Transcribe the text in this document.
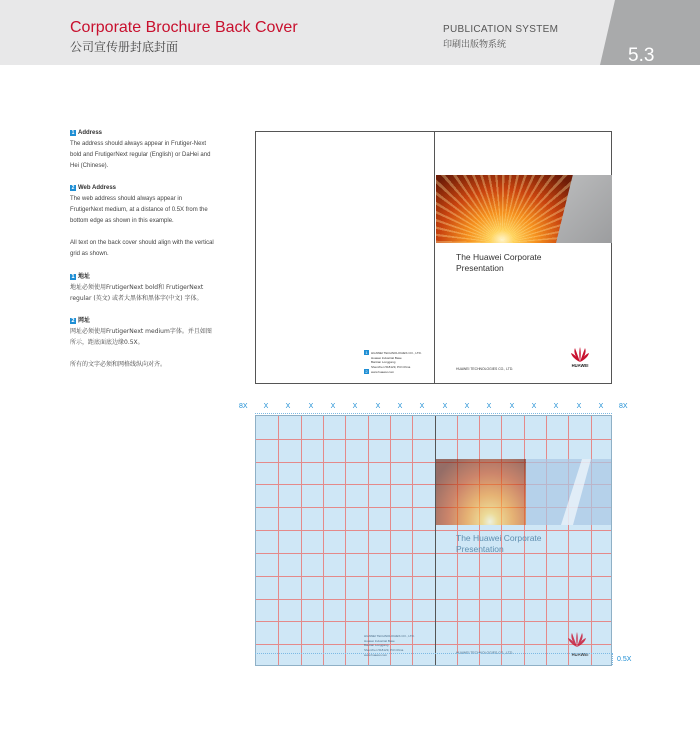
Corporate Brochure Back Cover
公司宣传册封底封面
PUBLICATION SYSTEM
印刷出版物系统	5.3

1 Address

The address should always appear in Frutiger-Next bold and FrutigerNext regular (English) or DaHei and Hei (Chinese).

2 Web Address

The web address should always appear in FrutigerNext medium, at a distance of 0.5X from the bottom edge as shown in this example.

All text on the back cover should align with the vertical grid as shown.

1 地址

地址必须使用FrutigerNext bold和 FrutigerNext regular (英文) 或者大黑体和黑体字(中文) 字体。

2 网址

网址必须使用FrutigerNext medium字体。并且如图所示，距底面底边缘0.5X。

所有的文字必须和网格线纵向对齐。

The Huawei Corporate Presentation
HUAWEI TECHNOLOGIES CO., LTD.
HUAWEI
1 HUAWEI TECHNOLOGIES CO., LTD.
Huawei Industrial Base
Bantian Longgang
Shenzhen 518129, P.R.China
2 www.huawei.com
8X	8X
X X	X X X	X X X	X X X	X X X	X X
The Huawei Corporate Presentation
HUAWEI TECHNOLOGIES CO., LTD.	HUAWEI
HUAWEI TECHNOLOGIES CO., LTD.
Huawei Industrial Base
Bantian Longgang
Shenzhen 518129, P.R.China
www.huawei.com
0.5X
